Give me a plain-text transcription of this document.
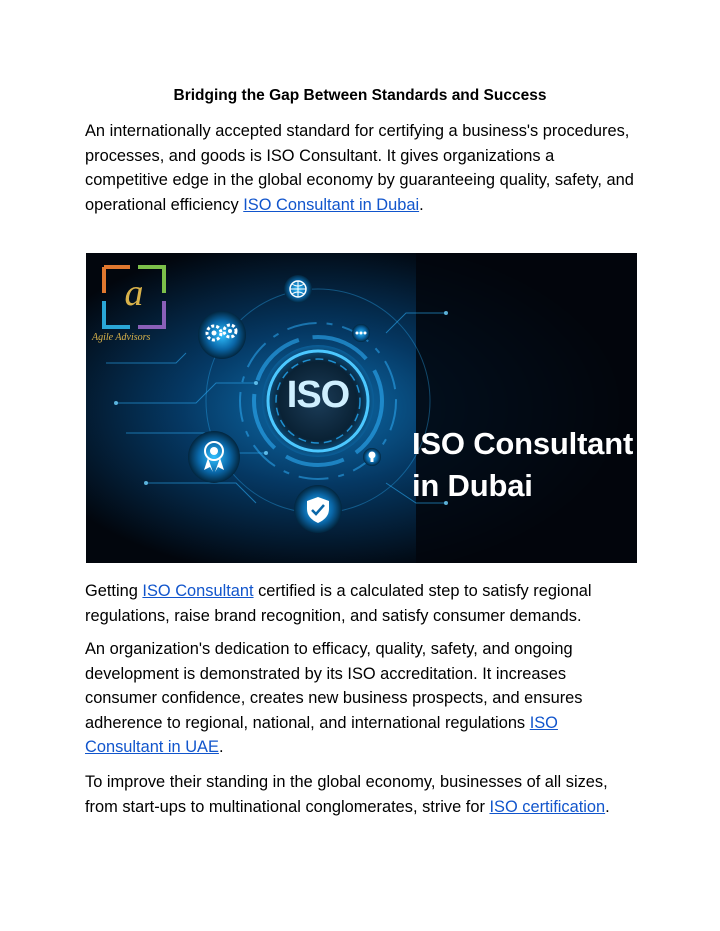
Bridging the Gap Between Standards and Success

An internationally accepted standard for certifying a business's procedures, processes, and goods is ISO Consultant. It gives organizations a competitive edge in the global economy by guaranteeing quality, safety, and operational efficiency ISO Consultant in Dubai.

ISO
a
Agile Advisors
ISO Consultant
in Dubai

Getting ISO Consultant certified is a calculated step to satisfy regional regulations, raise brand recognition, and satisfy consumer demands.

An organization's dedication to efficacy, quality, safety, and ongoing development is demonstrated by its ISO accreditation. It increases consumer confidence, creates new business prospects, and ensures adherence to regional, national, and international regulations ISO Consultant in UAE.

To improve their standing in the global economy, businesses of all sizes, from start-ups to multinational conglomerates, strive for ISO certification.
